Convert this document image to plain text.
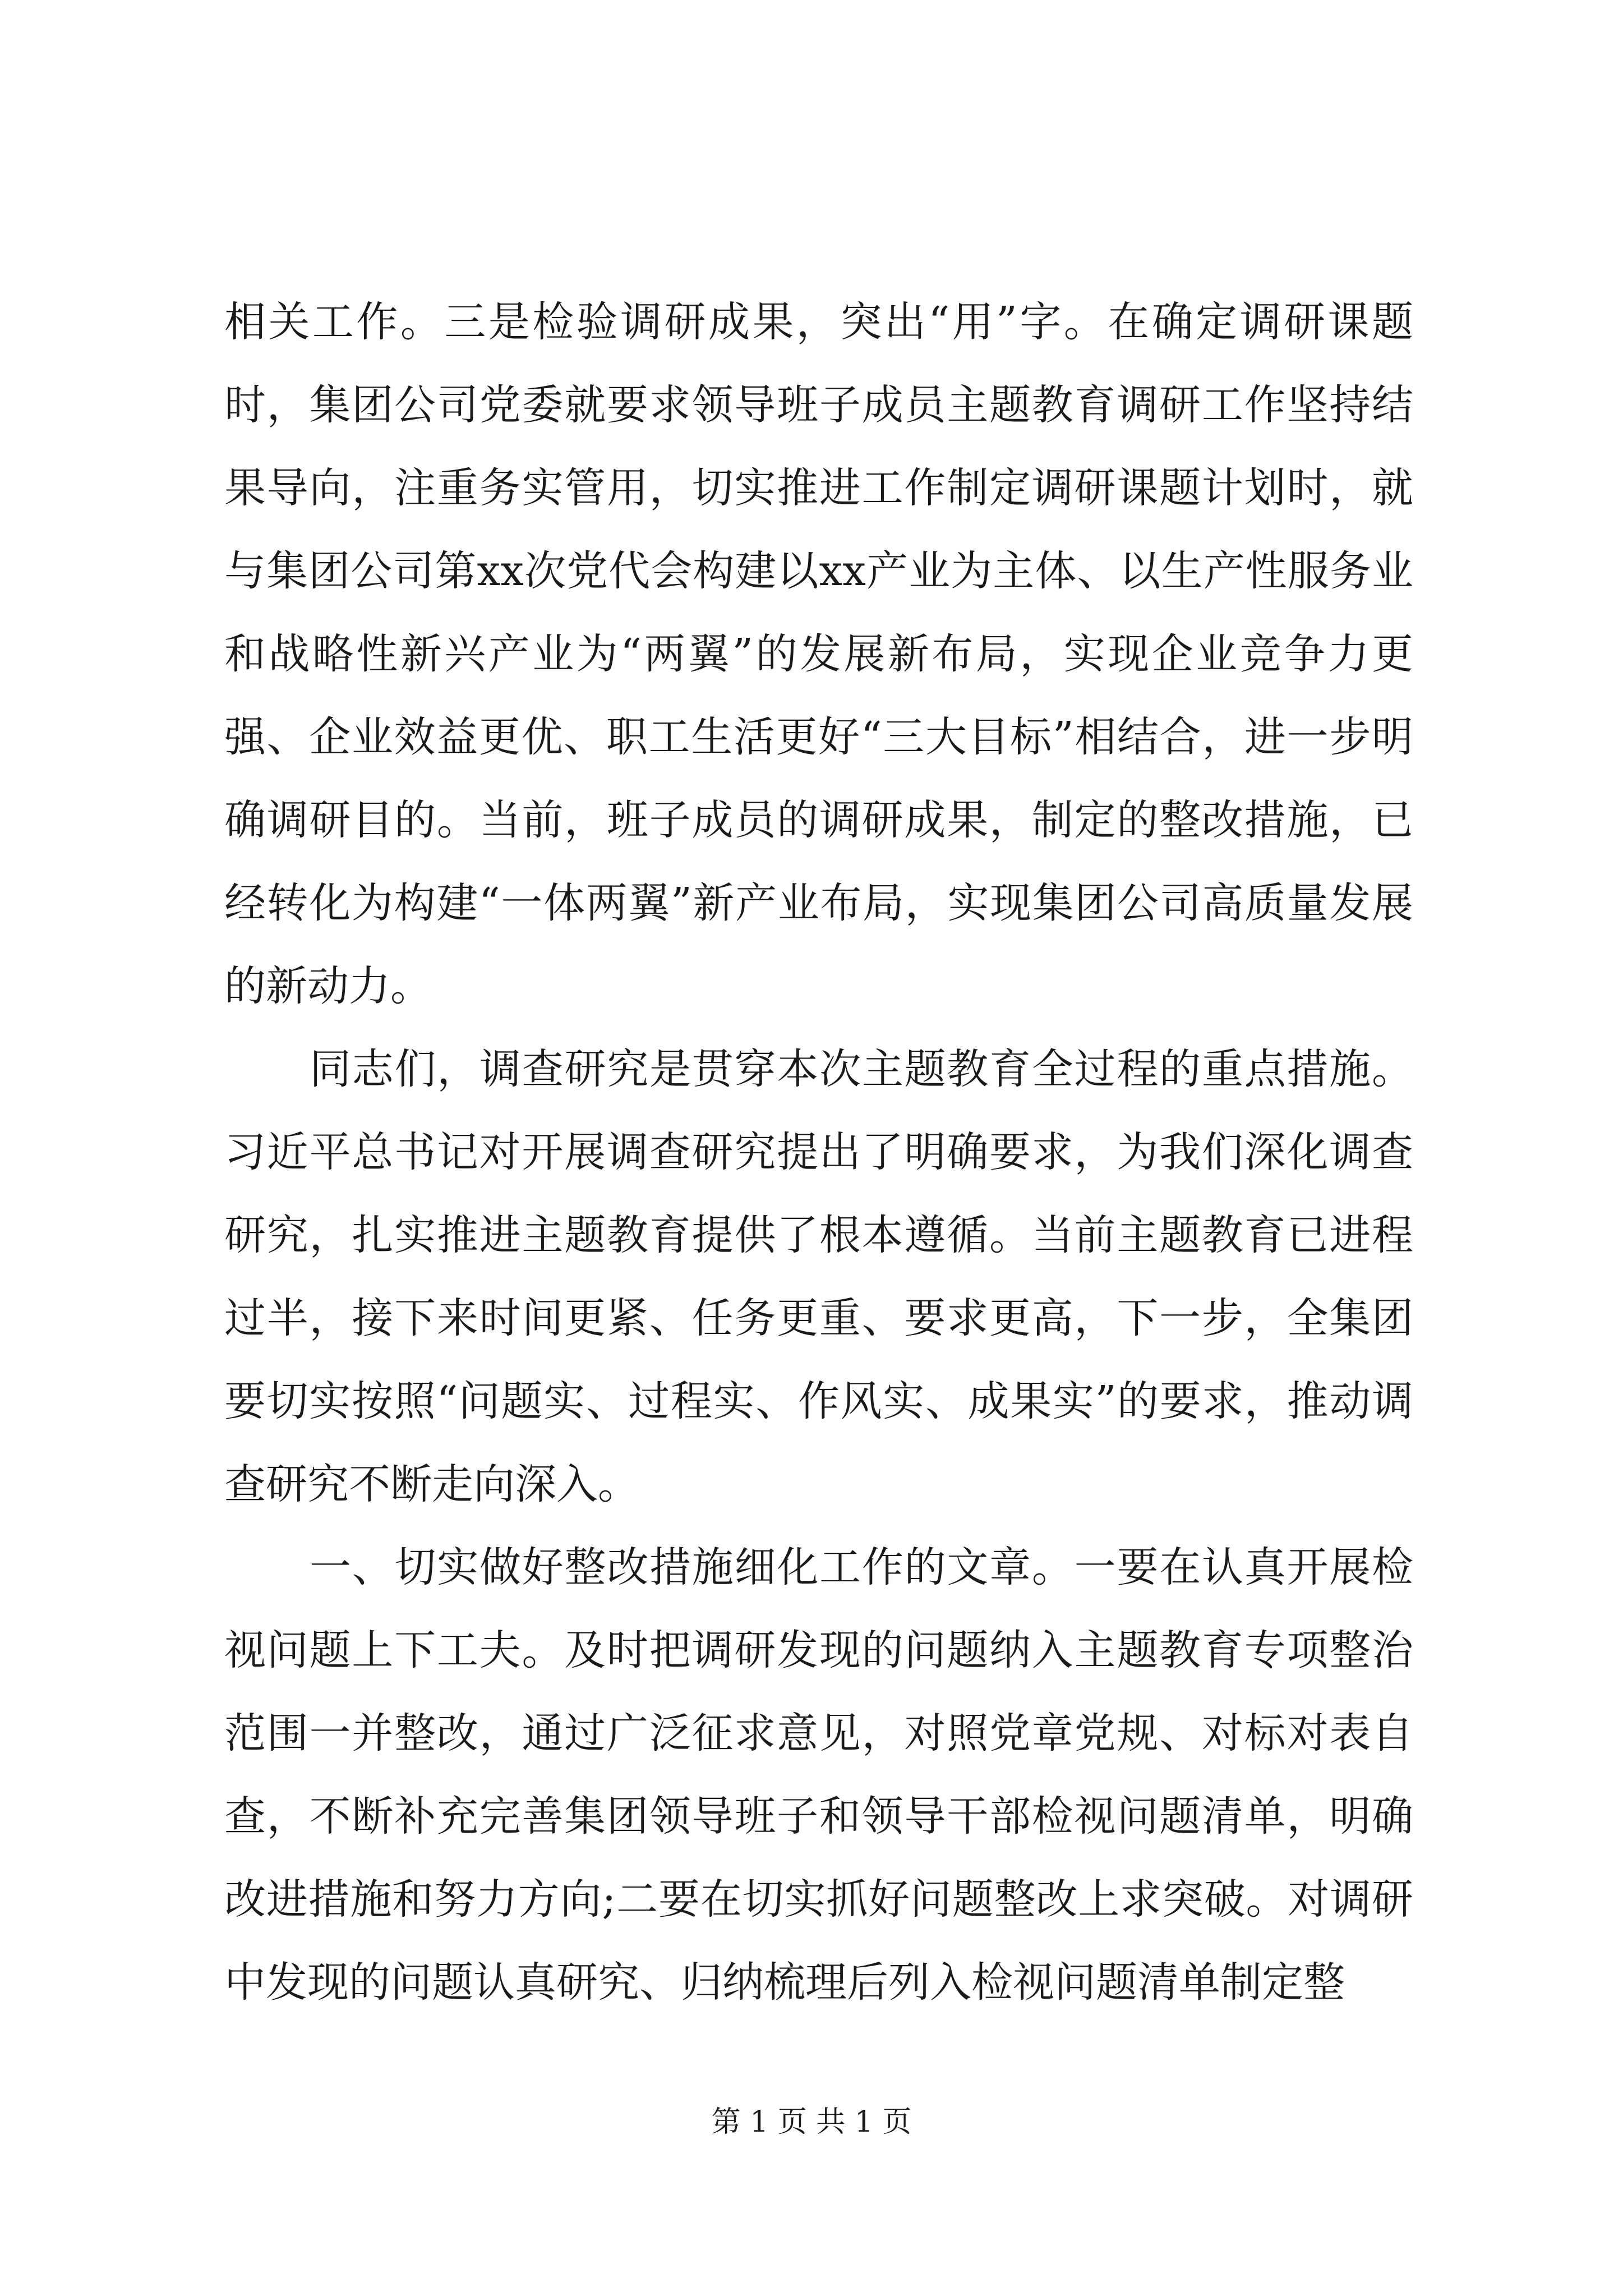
相关工作。三是检验调研成果，突出“用”字。在确定调研课题时，集团公司党委就要求领导班子成员主题教育调研工作坚持结果导向，注重务实管用，切实推进工作制定调研课题计划时，就与集团公司第xx次党代会构建以xx产业为主体、以生产性服务业和战略性新兴产业为“两翼”的发展新布局，实现企业竞争力更强、企业效益更优、职工生活更好“三大目标”相结合，进一步明确调研目的。当前，班子成员的调研成果，制定的整改措施，已经转化为构建“一体两翼”新产业布局，实现集团公司高质量发展的新动力。

同志们，调查研究是贯穿本次主题教育全过程的重点措施。习近平总书记对开展调查研究提出了明确要求，为我们深化调查研究，扎实推进主题教育提供了根本遵循。当前主题教育已进程过半，接下来时间更紧、任务更重、要求更高，下一步，全集团要切实按照“问题实、过程实、作风实、成果实”的要求，推动调查研究不断走向深入。

一、切实做好整改措施细化工作的文章。一要在认真开展检视问题上下工夫。及时把调研发现的问题纳入主题教育专项整治范围一并整改，通过广泛征求意见，对照党章党规、对标对表自查，不断补充完善集团领导班子和领导干部检视问题清单，明确改进措施和努力方向;二要在切实抓好问题整改上求突破。对调研中发现的问题认真研究、归纳梳理后列入检视问题清单制定整

第 1 页 共 1 页
